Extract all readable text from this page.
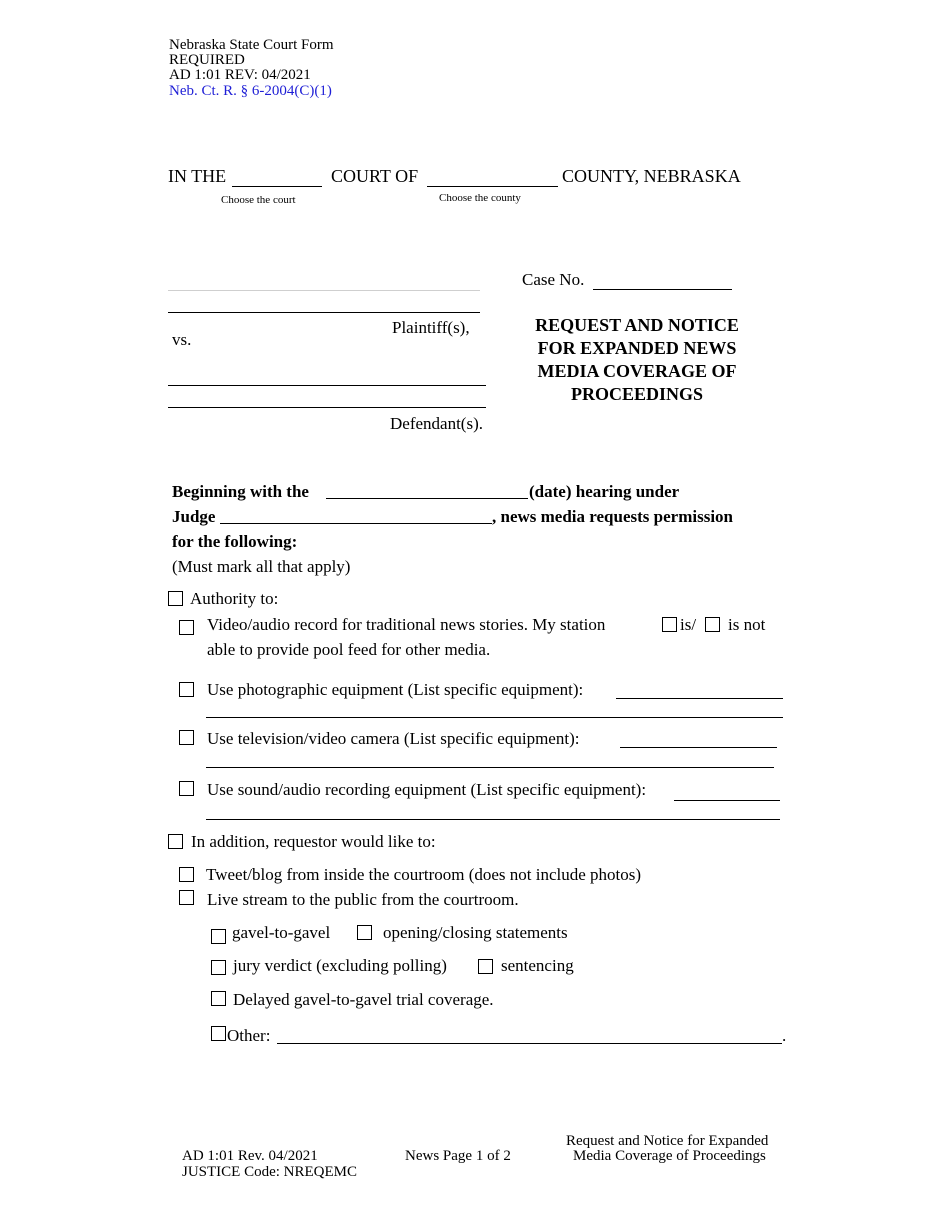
Nebraska State Court Form
REQUIRED
AD 1:01 REV: 04/2021
Neb. Ct. R. § 6-2004(C)(1)
IN THE	COURT OF	COUNTY, NEBRASKA
Choose the court	Choose the county
Plaintiff(s),
vs.
Defendant(s).
Case No.
REQUEST AND NOTICE
FOR EXPANDED NEWS
MEDIA COVERAGE OF
PROCEEDINGS
Beginning with the	(date) hearing under
Judge	, news media requests permission
for the following:
(Must mark all that apply)
Authority to:
Video/audio record for traditional news stories. My station	is/ is not
able to provide pool feed for other media.
Use photographic equipment (List specific equipment):
Use television/video camera (List specific equipment):
Use sound/audio recording equipment (List specific equipment):
In addition, requestor would like to:
Tweet/blog from inside the courtroom (does not include photos)
Live stream to the public from the courtroom.
gavel-to-gavel	opening/closing statements
jury verdict (excluding polling)	sentencing
Delayed gavel-to-gavel trial coverage.
Other:	.
AD 1:01 Rev. 04/2021
JUSTICE Code: NREQEMC
News Page 1 of 2
Request and Notice for Expanded
Media Coverage of Proceedings
